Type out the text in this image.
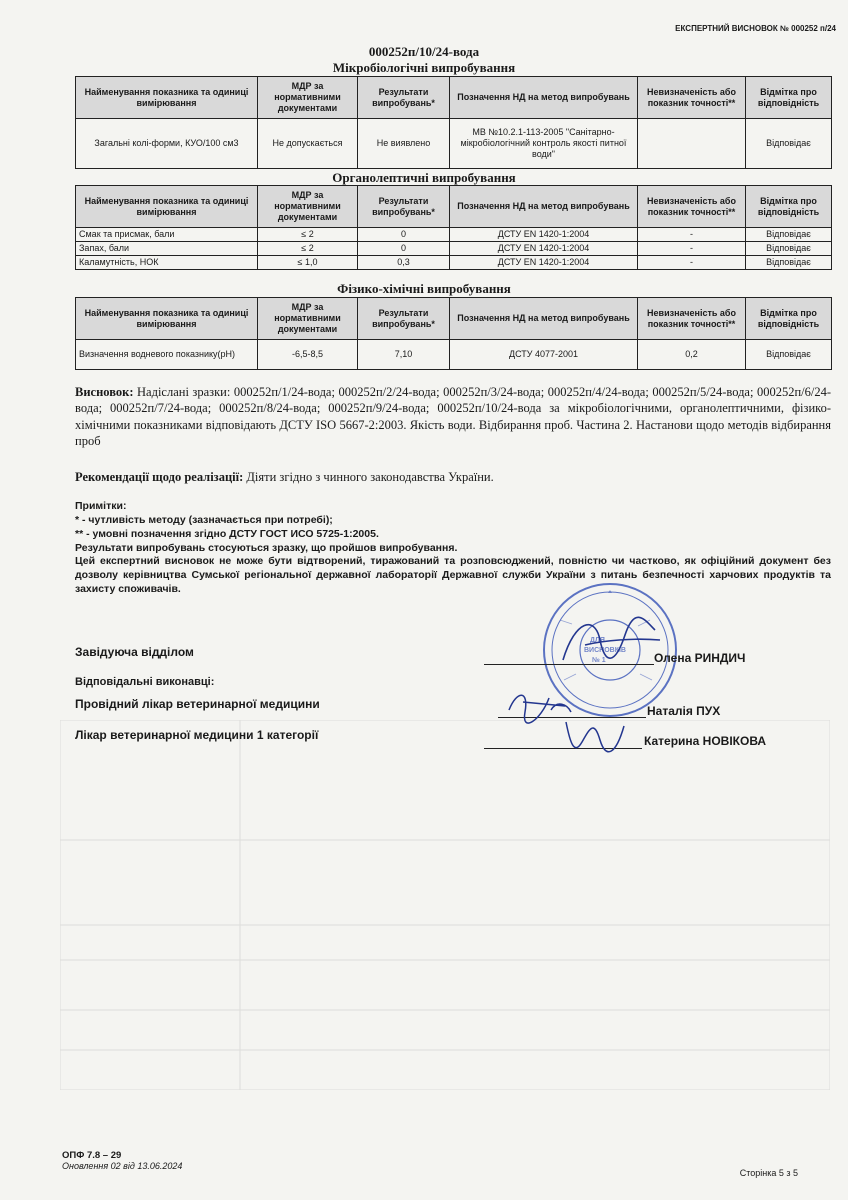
ЕКСПЕРТНИЙ ВИСНОВОК № 000252 п/24
000252п/10/24-вода
Мікробіологічні випробування
Найменування показника та одиниці вимірювання	МДР за нормативними документами	Результати випробувань*	Позначення НД на метод випробувань	Невизначеність або показник точності**	Відмітка про відповідність
Загальні колі-форми, КУО/100 см3	Не допускається	Не виявлено	МВ №10.2.1-113-2005 "Санітарно-мікробіологічний контроль якості питної води"		Відповідає
Органолептичні випробування
Найменування показника та одиниці вимірювання	МДР за нормативними документами	Результати випробувань*	Позначення НД на метод випробувань	Невизначеність або показник точності**	Відмітка про відповідність
Смак та присмак, бали	≤ 2	0	ДСТУ EN 1420-1:2004	-	Відповідає
Запах, бали	≤ 2	0	ДСТУ EN 1420-1:2004	-	Відповідає
Каламутність, НОК	≤ 1,0	0,3	ДСТУ EN 1420-1:2004	-	Відповідає
Фізико-хімічні випробування
Найменування показника та одиниці вимірювання	МДР за нормативними документами	Результати випробувань*	Позначення НД на метод випробувань	Невизначеність або показник точності**	Відмітка про відповідність
Визначення водневого показнику(pH)	-6,5-8,5	7,10	ДСТУ 4077-2001	0,2	Відповідає
Висновок: Надіслані зразки: 000252п/1/24-вода; 000252п/2/24-вода; 000252п/3/24-вода; 000252п/4/24-вода; 000252п/5/24-вода; 000252п/6/24-вода; 000252п/7/24-вода; 000252п/8/24-вода; 000252п/9/24-вода; 000252п/10/24-вода за мікробіологічними, органолептичними, фізико-хімічними показниками відповідають ДСТУ ISO 5667-2:2003. Якість води. Відбирання проб. Частина 2. Настанови щодо методів відбирання проб
Рекомендації щодо реалізації: Діяти згідно з чинного законодавства України.
Примітки:
* - чутливість методу (зазначається при потребі);
** - умовні позначення згідно ДСТУ ГОСТ ИСО 5725-1:2005.
Результати випробувань стосуються зразку, що пройшов випробування.
Цей експертний висновок не може бути відтворений, тиражований та розповсюджений, повністю чи частково, як офіційний документ без дозволу керівництва Сумської регіональної державної лабораторії Державної служби України з питань безпечності харчових продуктів та захисту споживачів.
ДЛЯ
ВИСНОВКІВ
№ 1
Завідуюча відділом	Олена РИНДИЧ
Відповідальні виконавці:
Провідний лікар ветеринарної медицини	Наталія ПУХ
Лікар ветеринарної медицини 1 категорії	Катерина НОВІКОВА
ОПФ 7.8 – 29
Оновлення 02 від 13.06.2024
Сторінка 5 з 5
